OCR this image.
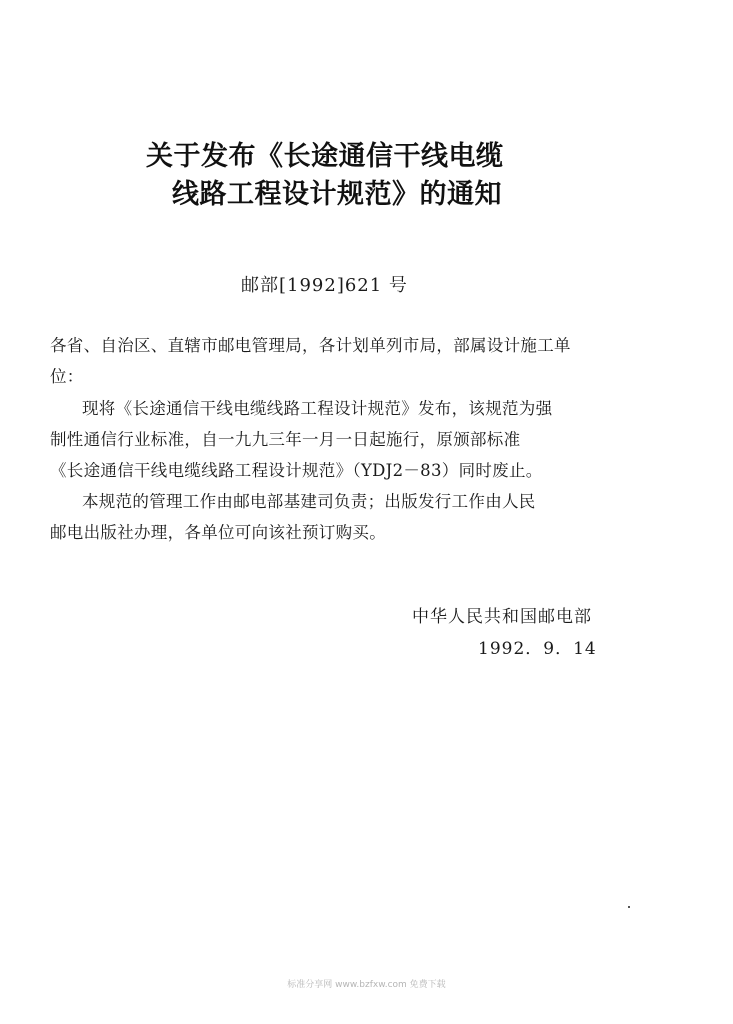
关于发布《长途通信干线电缆
线路工程设计规范》的通知
邮部[1992]621 号
各省、自治区、直辖市邮电管理局，各计划单列市局，部属设计施工单
位：
现将《长途通信干线电缆线路工程设计规范》发布，该规范为强
制性通信行业标准，自一九九三年一月一日起施行，原颁部标准
《长途通信干线电缆线路工程设计规范》（YDJ2－83）同时废止。
本规范的管理工作由邮电部基建司负责；出版发行工作由人民
邮电出版社办理，各单位可向该社预订购买。
中华人民共和国邮电部
1992．9．14
标准分享网 www.bzfxw.com 免费下载
